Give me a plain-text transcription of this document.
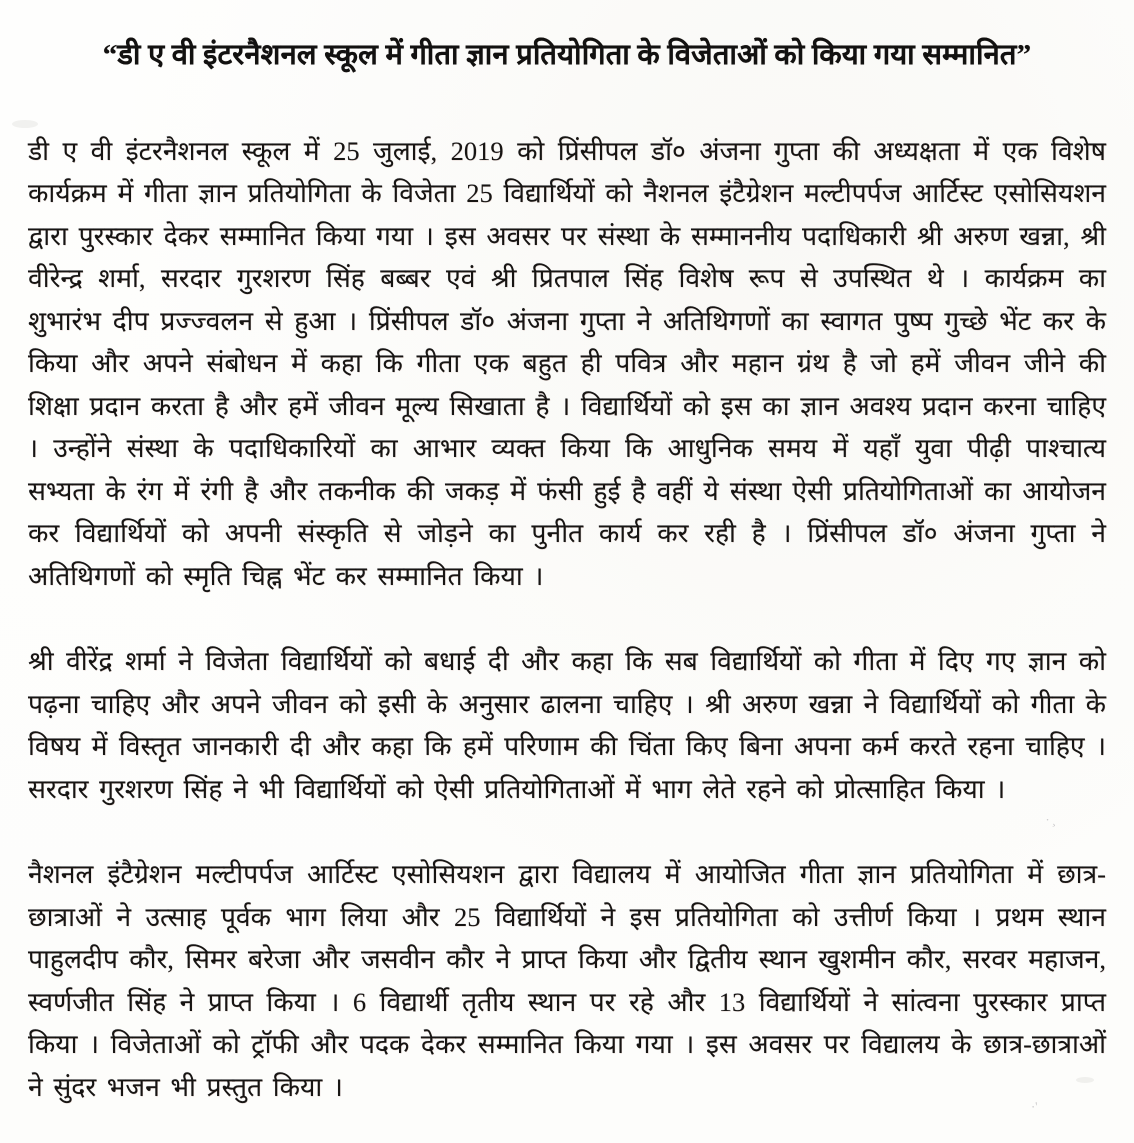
“डी ए वी इंटरनैशनल स्कूल में गीता ज्ञान प्रतियोगिता के विजेताओं को किया गया सम्मानित”

डी ए वी इंटरनैशनल स्कूल में 25 जुलाई, 2019 को प्रिंसीपल डॉ० अंजना गुप्ता की अध्यक्षता में एक विशेष कार्यक्रम में गीता ज्ञान प्रतियोगिता के विजेता 25 विद्यार्थियों को नैशनल इंटैग्रेशन मल्टीपर्पज आर्टिस्ट एसोसियशन द्वारा पुरस्कार देकर सम्मानित किया गया । इस अवसर पर संस्था के सम्माननीय पदाधिकारी श्री अरुण खन्ना, श्री वीरेन्द्र शर्मा, सरदार गुरशरण सिंह बब्बर एवं श्री प्रितपाल सिंह विशेष रूप से उपस्थित थे । कार्यक्रम का शुभारंभ दीप प्रज्ज्वलन से हुआ । प्रिंसीपल डॉ० अंजना गुप्ता ने अतिथिगणों का स्वागत पुष्प गुच्छे भेंट कर के किया और अपने संबोधन में कहा कि गीता एक बहुत ही पवित्र और महान ग्रंथ है जो हमें जीवन जीने की शिक्षा प्रदान करता है और हमें जीवन मूल्य सिखाता है । विद्यार्थियों को इस का ज्ञान अवश्य प्रदान करना चाहिए । उन्होंने संस्था के पदाधिकारियों का आभार व्यक्त किया कि आधुनिक समय में यहाँ युवा पीढ़ी पाश्चात्य सभ्यता के रंग में रंगी है और तकनीक की जकड़ में फंसी हुई है वहीं ये संस्था ऐसी प्रतियोगिताओं का आयोजन कर विद्यार्थियों को अपनी संस्कृति से जोड़ने का पुनीत कार्य कर रही है । प्रिंसीपल डॉ० अंजना गुप्ता ने अतिथिगणों को स्मृति चिह्न भेंट कर सम्मानित किया ।

श्री वीरेंद्र शर्मा ने विजेता विद्यार्थियों को बधाई दी और कहा कि सब विद्यार्थियों को गीता में दिए गए ज्ञान को पढ़ना चाहिए और अपने जीवन को इसी के अनुसार ढालना चाहिए । श्री अरुण खन्ना ने विद्यार्थियों को गीता के विषय में विस्तृत जानकारी दी और कहा कि हमें परिणाम की चिंता किए बिना अपना कर्म करते रहना चाहिए । सरदार गुरशरण सिंह ने भी विद्यार्थियों को ऐसी प्रतियोगिताओं में भाग लेते रहने को प्रोत्साहित किया ।

नैशनल इंटैग्रेशन मल्टीपर्पज आर्टिस्ट एसोसियशन द्वारा विद्यालय में आयोजित गीता ज्ञान प्रतियोगिता में छात्र-छात्राओं ने उत्साह पूर्वक भाग लिया और 25 विद्यार्थियों ने इस प्रतियोगिता को उत्तीर्ण किया । प्रथम स्थान पाहुलदीप कौर, सिमर बरेजा और जसवीन कौर ने प्राप्त किया और द्वितीय स्थान खुशमीन कौर, सरवर महाजन, स्वर्णजीत सिंह ने प्राप्त किया । 6 विद्यार्थी तृतीय स्थान पर रहे और 13 विद्यार्थियों ने सांत्वना पुरस्कार प्राप्त किया । विजेताओं को ट्रॉफी और पदक देकर सम्मानित किया गया । इस अवसर पर विद्यालय के छात्र-छात्राओं ने सुंदर भजन भी प्रस्तुत किया ।

·¸
·'
